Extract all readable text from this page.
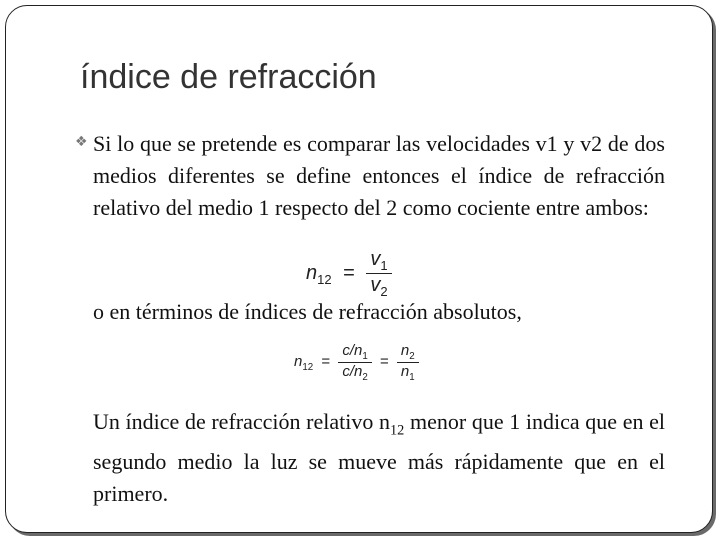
índice de refracción
❖ Si lo que se pretende es comparar las velocidades v1 y v2 de dos medios diferentes se define entonces el índice de refracción relativo del medio 1 respecto del 2 como cociente entre ambos:
$n_{12} = \frac{v_1}{v_2}$
o en términos de índices de refracción absolutos,
$n_{12} = \frac{c/n_1}{c/n_2} = \frac{n_2}{n_1}$
Un índice de refracción relativo $n_{12}$ menor que 1 indica que en el segundo medio la luz se mueve más rápidamente que en el primero.
